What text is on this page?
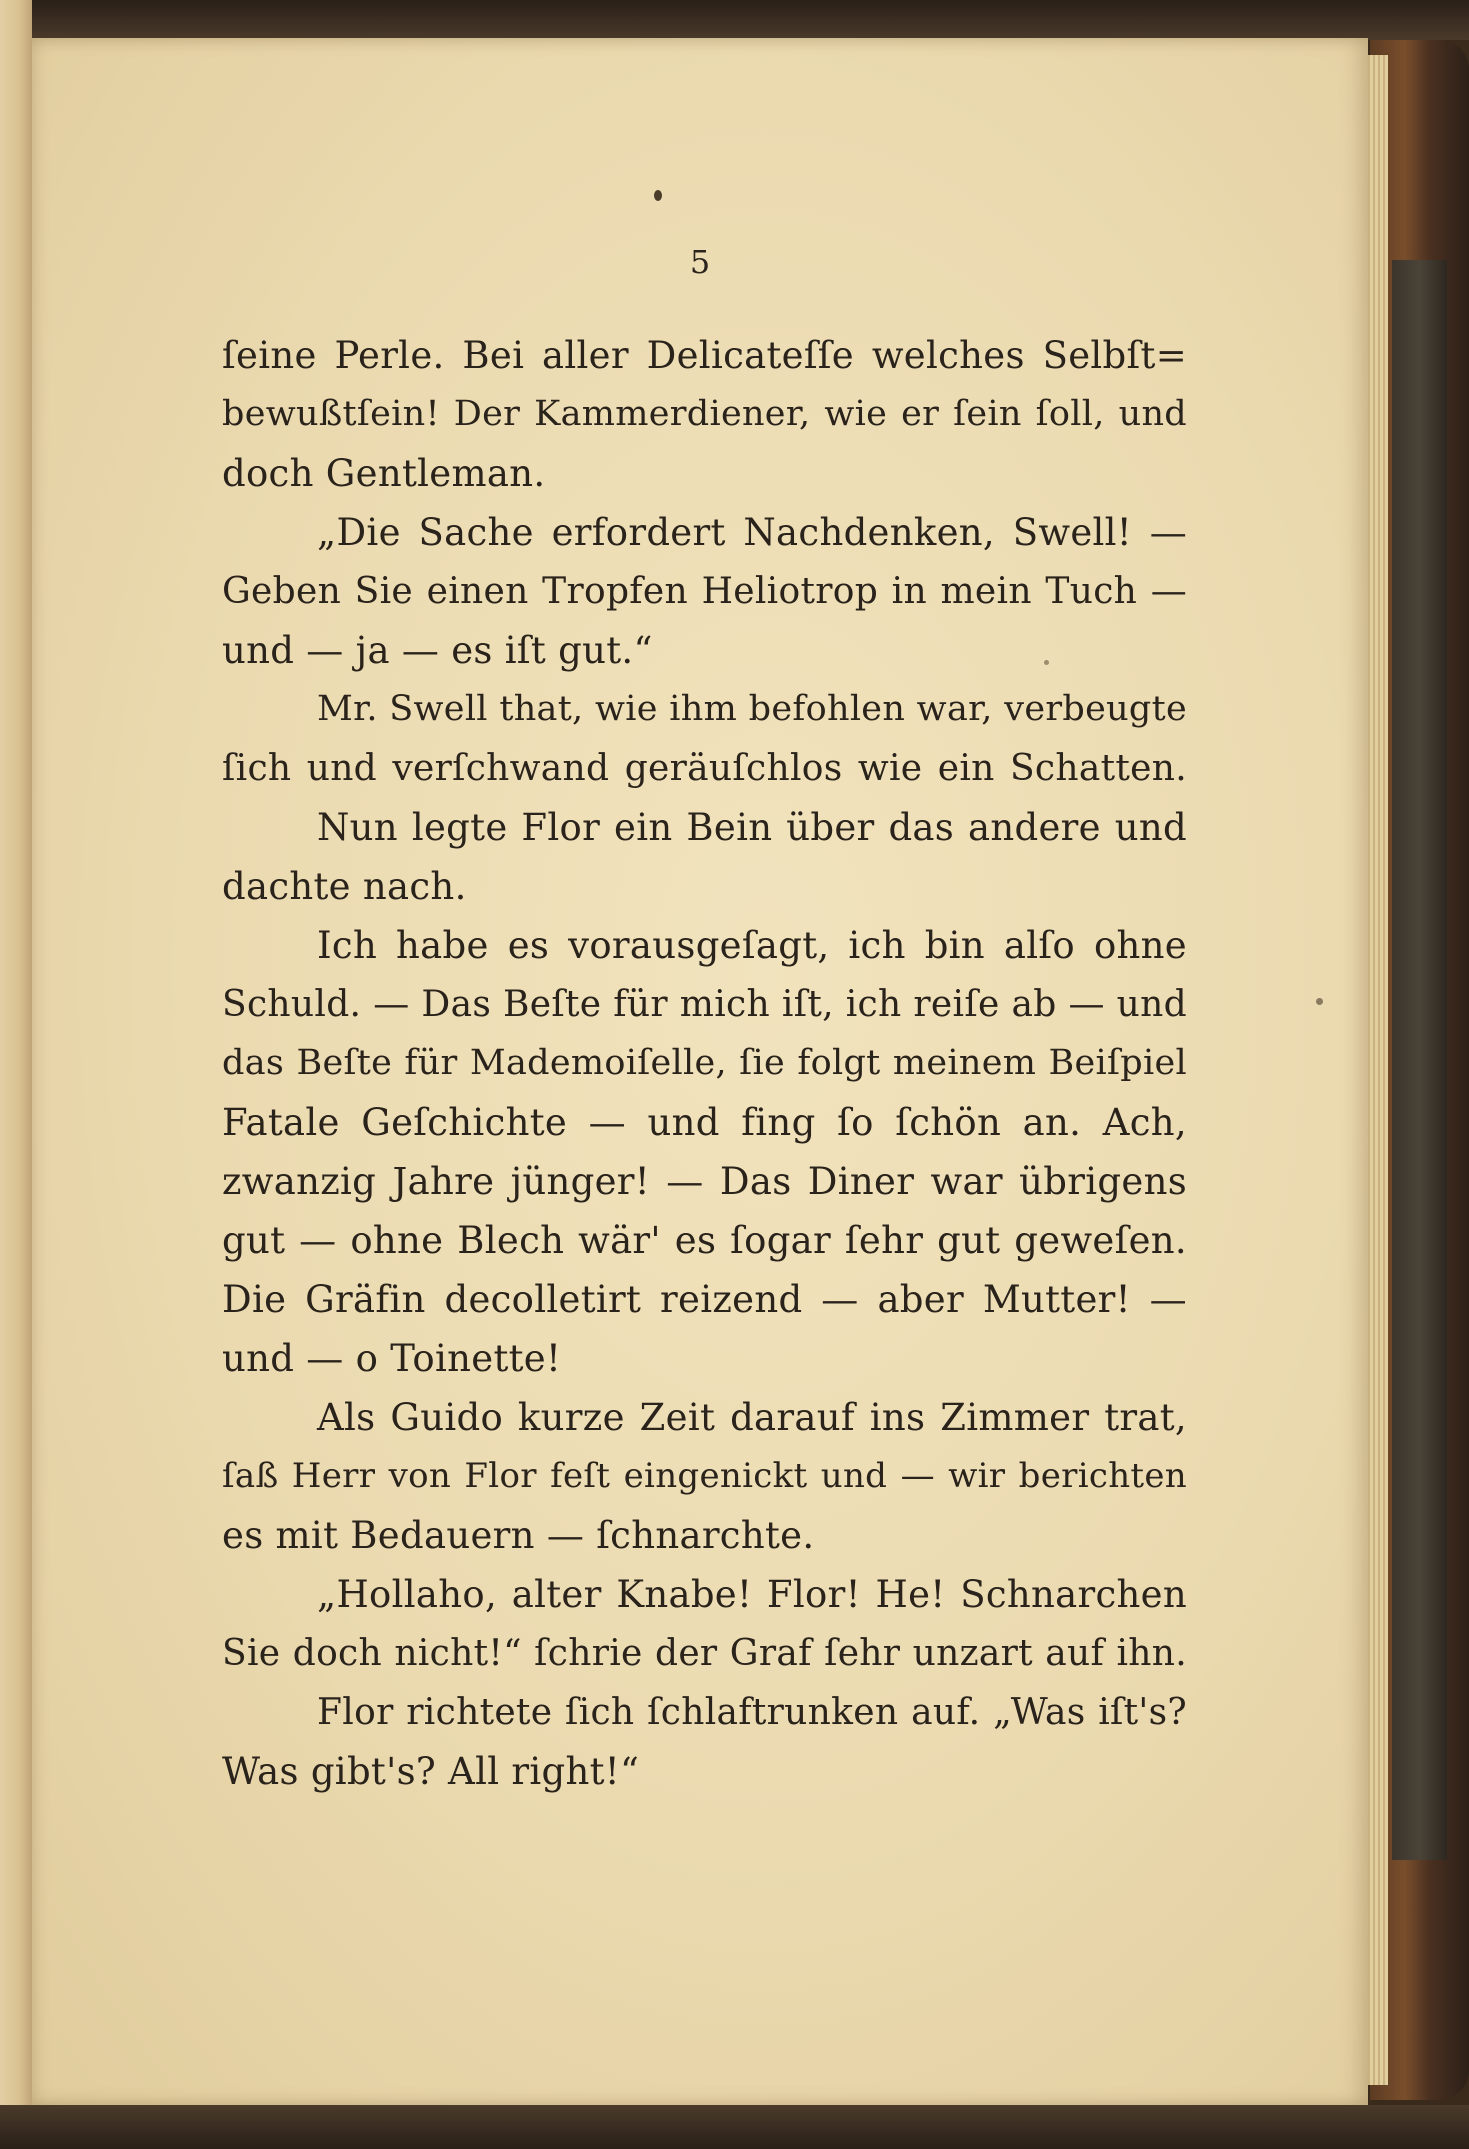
5
ſeine Perle. Bei aller Delicateſſe welches Selbſt=
bewußtſein! Der Kammerdiener, wie er ſein ſoll, und
doch Gentleman.
„Die Sache erfordert Nachdenken, Swell! —
Geben Sie einen Tropfen Heliotrop in mein Tuch —
und — ja — es iſt gut.“
Mr. Swell that, wie ihm befohlen war, verbeugte
ſich und verſchwand geräuſchlos wie ein Schatten.
Nun legte Flor ein Bein über das andere und
dachte nach.
Ich habe es vorausgeſagt, ich bin alſo ohne
Schuld. — Das Beſte für mich iſt, ich reiſe ab — und
das Beſte für Mademoiſelle, ſie folgt meinem Beiſpiel
Fatale Geſchichte — und fing ſo ſchön an. Ach,
zwanzig Jahre jünger! — Das Diner war übrigens
gut — ohne Blech wär' es ſogar ſehr gut geweſen.
Die Gräfin decolletirt reizend — aber Mutter! —
und — o Toinette!
Als Guido kurze Zeit darauf ins Zimmer trat,
ſaß Herr von Flor feſt eingenickt und — wir berichten
es mit Bedauern — ſchnarchte.
„Hollaho, alter Knabe! Flor! He! Schnarchen
Sie doch nicht!“ ſchrie der Graf ſehr unzart auf ihn.
Flor richtete ſich ſchlaftrunken auf. „Was iſt's?
Was gibt's? All right!“
